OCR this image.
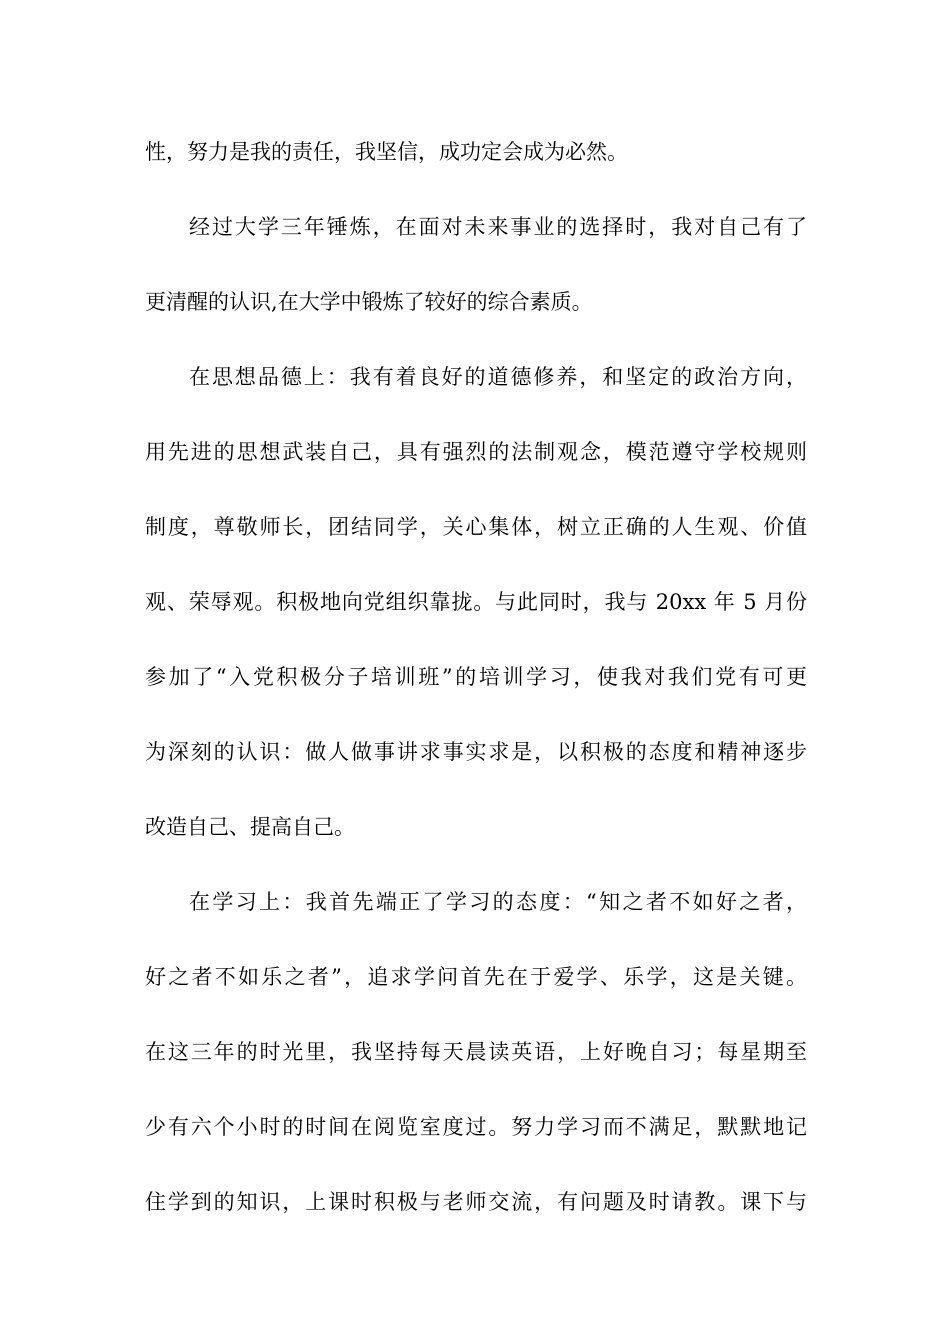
性，努力是我的责任，我坚信，成功定会成为必然。
经过大学三年锤炼，在面对未来事业的选择时，我对自己有了
更清醒的认识,在大学中锻炼了较好的综合素质。
在思想品德上：我有着良好的道德修养，和坚定的政治方向，
用先进的思想武装自己，具有强烈的法制观念，模范遵守学校规则
制度，尊敬师长，团结同学，关心集体，树立正确的人生观、价值
观、荣辱观。积极地向党组织靠拢。与此同时，我与 20xx 年 5 月份
参加了“入党积极分子培训班”的培训学习，使我对我们党有可更
为深刻的认识：做人做事讲求事实求是，以积极的态度和精神逐步
改造自己、提高自己。
在学习上：我首先端正了学习的态度：“知之者不如好之者，
好之者不如乐之者”，追求学问首先在于爱学、乐学，这是关键。
在这三年的时光里，我坚持每天晨读英语，上好晚自习；每星期至
少有六个小时的时间在阅览室度过。努力学习而不满足，默默地记
住学到的知识，上课时积极与老师交流，有问题及时请教。课下与
